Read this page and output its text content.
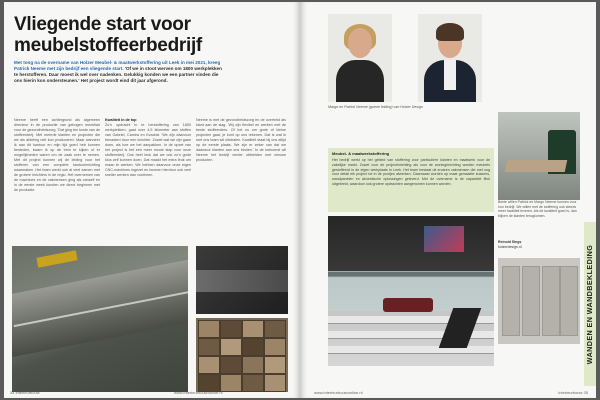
Vliegende start voor meubelstoffeerbedrijf

Met tong na de overname van Holzer Meubel- & maatwerkstoffering uit Leek in mei 2021, kreeg Patrick Neeme met zijn bedrijf een vliegende start. 'Of we in stoot werven om 1800 werkplekken te herstofferen. Daar moest ik wel over nadenken. Gelukkig konden we een partner vinden die ons hierin kon ondersteunen.' Het project wordt eind dit jaar afgerond.

Neeme heeft een achtergrond als algemeen directeur in de productie van gebogen meubilair voor de gezondheidszorg. 'Dat ging ten koste van de stoffeerderij. Met meerde klanten en projecten die we als afdeling niet kon produceren. Maar wanneer ik aan dit kantoor en mijn tijd goed heb kunnen besteden, kwam ik op de trein te kijken of er mogelijkheden waren om de zaak over te nemen. Met dit project kunnen wij de leiding voor het stofferen van een complete kantoorinrichting waarmaken. Het team werkt ook al veel samen met de grotere inrichters in de regio. Het overnemen van de machines en de vakmensen ging als vanzelf en in de eerste week konden we direct beginnen met de productie.
Kwaliteit in de top
Zo'n opdracht in te herstoffering van 1800 werkplekken, gaat over 4,5 kilometer aan stoffen van Gabriel, Camira en Kvadrat. 'We zijn daarvoor benaderd door een inrichter. Zowel wat we zijn gaan doen, als hoe we het aanpakken. In de opzet van het project is het een meer mooie stap voor onze stoffeerderij. Ook heel leuk dat we ook zo'n grote klus zelf kunnen doen. Dat maakt het extra leuk om eraan te werken. We hebben daarvoor onze eigen CNC-machines ingezet en kunnen hierdoor ook veel sneller werken dan voorheen.
Neeme is met de gezondheidszorg en de overheid als klant aan de slag. 'Wij zijn flexibel en werken met de beste stoffeerders. Of het nu om grote of kleine projecten gaat, je kunt op ons rekenen. Dat is wat ik met ons team wil uitstralen. Kwaliteit staat bij ons altijd op de eerste plaats. We zijn er zeker van dat we daardoor klanten aan ons binden.' In de toekomst wil Neeme het bedrijf verder uitbreiden met nieuwe producten.
34 interieurbouw	www.interieurbouwonline.nl
Margo en Patrick Neeme (goene leiding) van Holzer Design
Meubel- & maatwerkstoffering

Het bedrijf werkt op het gebied van stoffering voor particuliere klanten en maatwerk voor de zakelijke markt. Zowel voor de projectinrichting als voor de woninginrichting worden meubels gestoffeerd in de eigen werkplaats in Leek. Het team bestaat uit ervaren vakmensen die met oog voor detail elk project tot in de puntjes afwerken. Daarnaast worden op maat gemaakte kussens, wandpanelen en akoestische oplossingen geleverd. Met de overname is de capaciteit flink uitgebreid, waardoor ook grotere opdrachten aangenomen kunnen worden.

Beide willen Patrick en Margo Neeme kunnen voor hun bedrijf. We willen met de stoffering ook steeds meer kwaliteit leveren. Als de kwaliteit goed is, dan blijven de klanten terugkomen.
Reinold Stegs
holzerdesign.nl	WANDEN EN WANDBEKLEDING
www.interieurbouwonline.nl	interieurbouw 35
